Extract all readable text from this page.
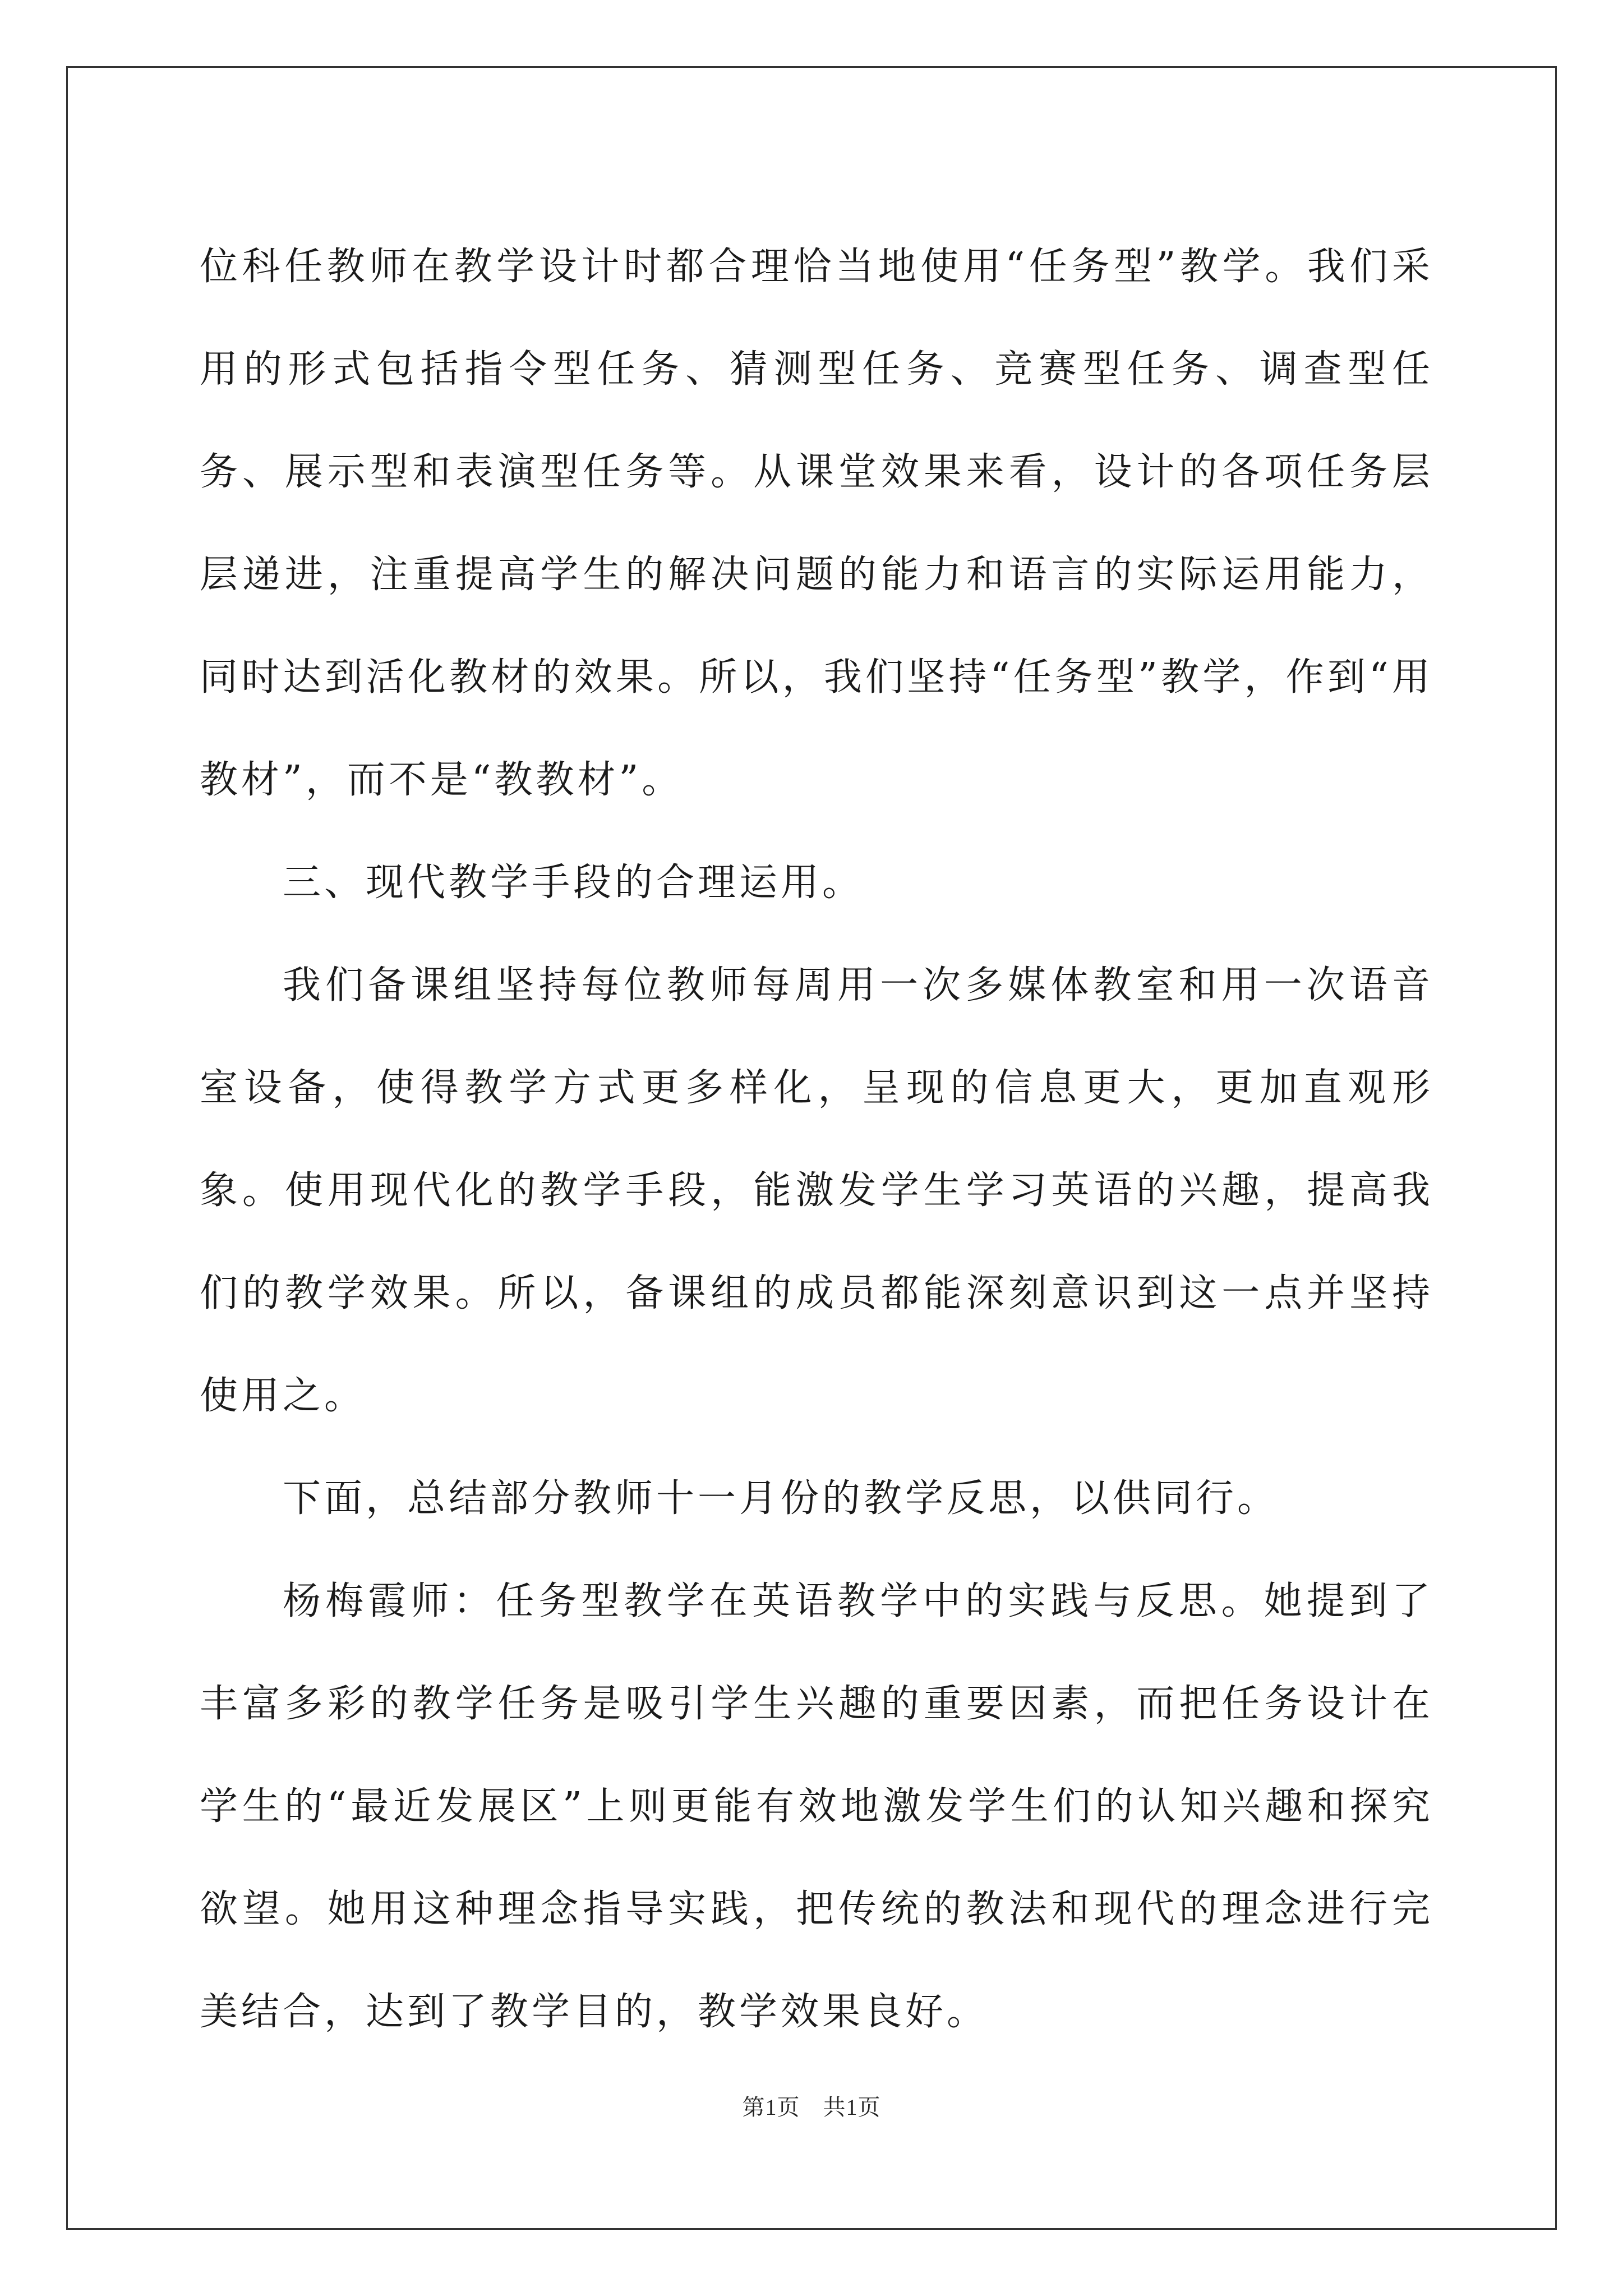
位科任教师在教学设计时都合理恰当地使用“任务型”教学。我们采用的形式包括指令型任务、猜测型任务、竞赛型任务、调查型任务、展示型和表演型任务等。从课堂效果来看，设计的各项任务层层递进，注重提高学生的解决问题的能力和语言的实际运用能力，同时达到活化教材的效果。所以，我们坚持“任务型”教学，作到“用教材”，而不是“教教材”。

三、现代教学手段的合理运用。

我们备课组坚持每位教师每周用一次多媒体教室和用一次语音室设备，使得教学方式更多样化，呈现的信息更大，更加直观形象。使用现代化的教学手段，能激发学生学习英语的兴趣，提高我们的教学效果。所以，备课组的成员都能深刻意识到这一点并坚持使用之。

下面，总结部分教师十一月份的教学反思，以供同行。

杨梅霞师：任务型教学在英语教学中的实践与反思。她提到了丰富多彩的教学任务是吸引学生兴趣的重要因素，而把任务设计在学生的“最近发展区”上则更能有效地激发学生们的认知兴趣和探究欲望。她用这种理念指导实践，把传统的教法和现代的理念进行完美结合，达到了教学目的，教学效果良好。

第1页　共1页
